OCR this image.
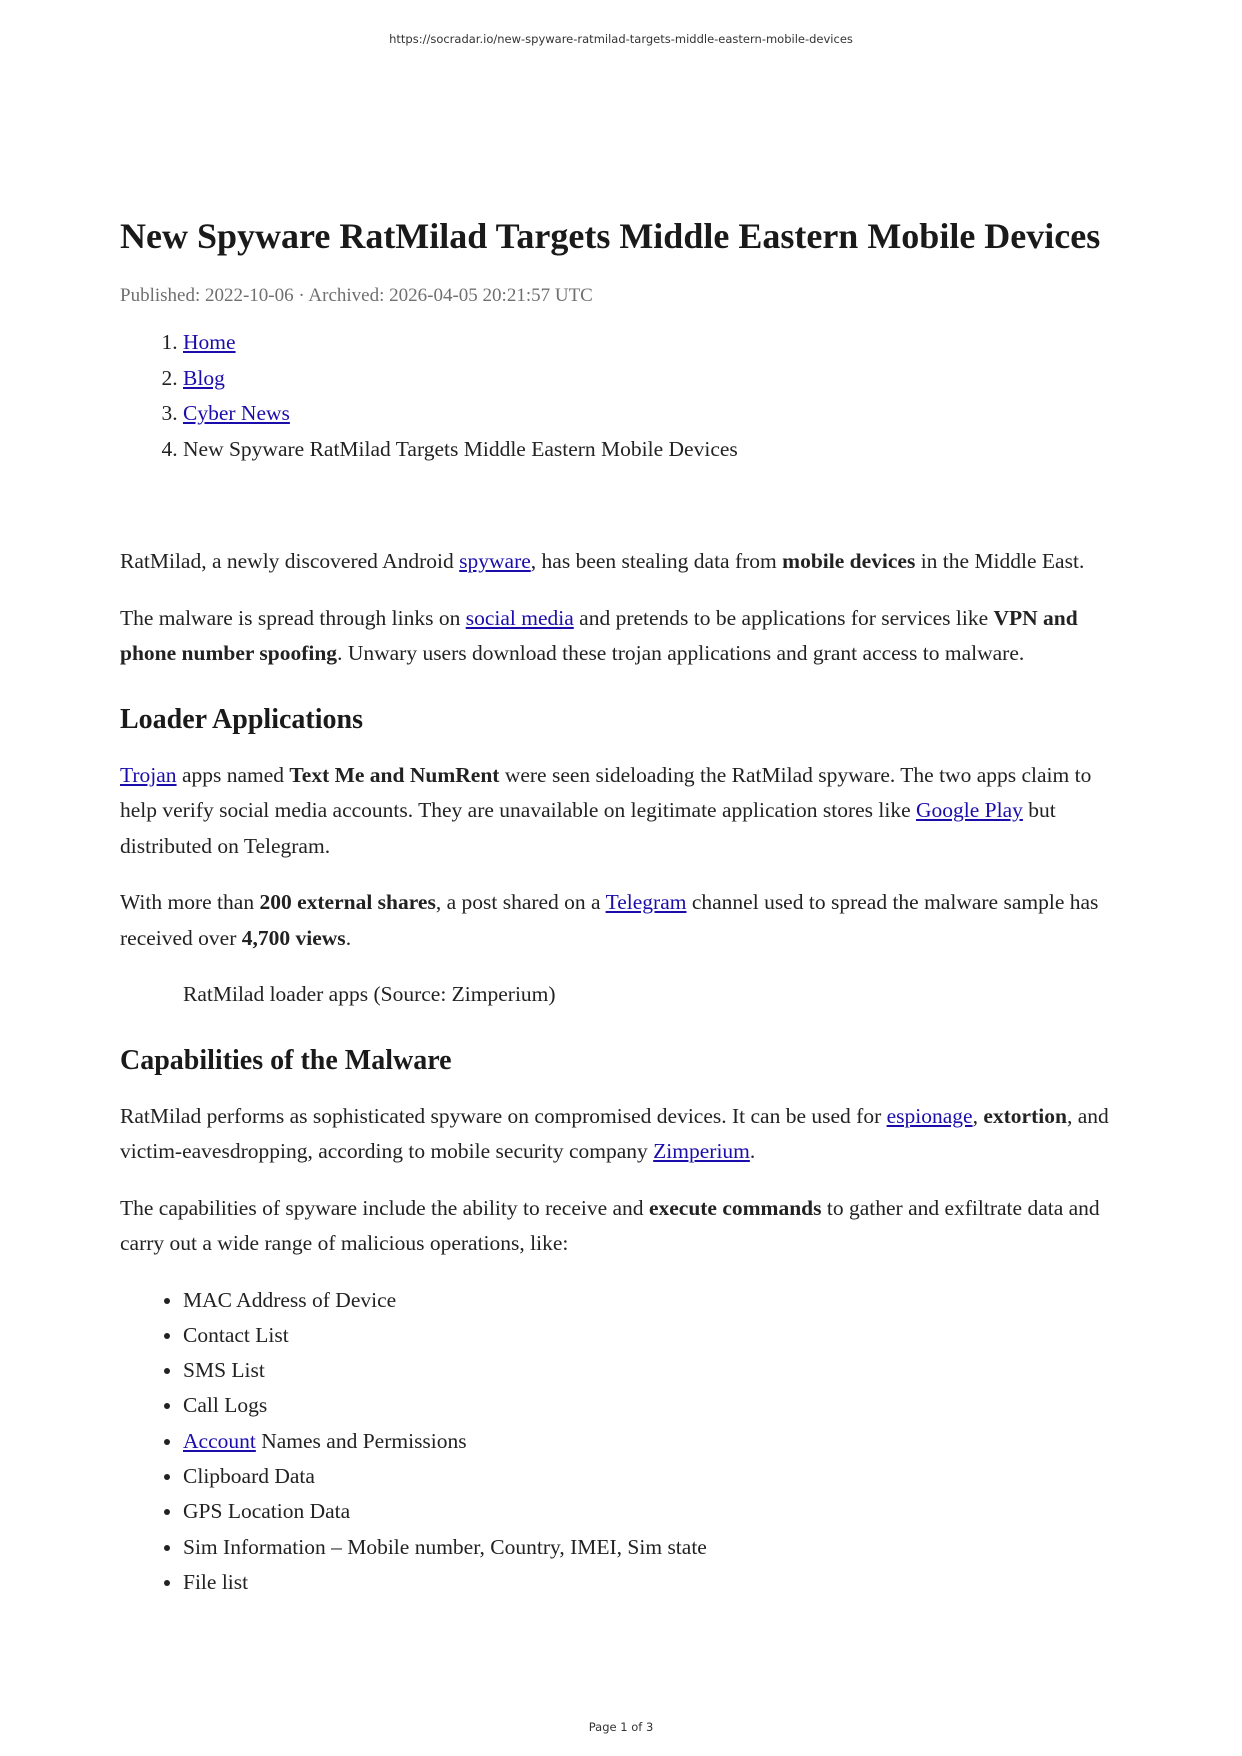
https://socradar.io/new-spyware-ratmilad-targets-middle-eastern-mobile-devices
New Spyware RatMilad Targets Middle Eastern Mobile Devices
Published: 2022-10-06 · Archived: 2026-04-05 20:21:57 UTC
1. Home
2. Blog
3. Cyber News
4. New Spyware RatMilad Targets Middle Eastern Mobile Devices

RatMilad, a newly discovered Android spyware, has been stealing data from mobile devices in the Middle East.

The malware is spread through links on social media and pretends to be applications for services like VPN and phone number spoofing. Unwary users download these trojan applications and grant access to malware.

Loader Applications

Trojan apps named Text Me and NumRent were seen sideloading the RatMilad spyware. The two apps claim to help verify social media accounts. They are unavailable on legitimate application stores like Google Play but distributed on Telegram.

With more than 200 external shares, a post shared on a Telegram channel used to spread the malware sample has received over 4,700 views.

RatMilad loader apps (Source: Zimperium)

Capabilities of the Malware

RatMilad performs as sophisticated spyware on compromised devices. It can be used for espionage, extortion, and victim-eavesdropping, according to mobile security company Zimperium.

The capabilities of spyware include the ability to receive and execute commands to gather and exfiltrate data and carry out a wide range of malicious operations, like:

• MAC Address of Device
• Contact List
• SMS List
• Call Logs
• Account Names and Permissions
• Clipboard Data
• GPS Location Data
• Sim Information – Mobile number, Country, IMEI, Sim state
• File list
Page 1 of 3
